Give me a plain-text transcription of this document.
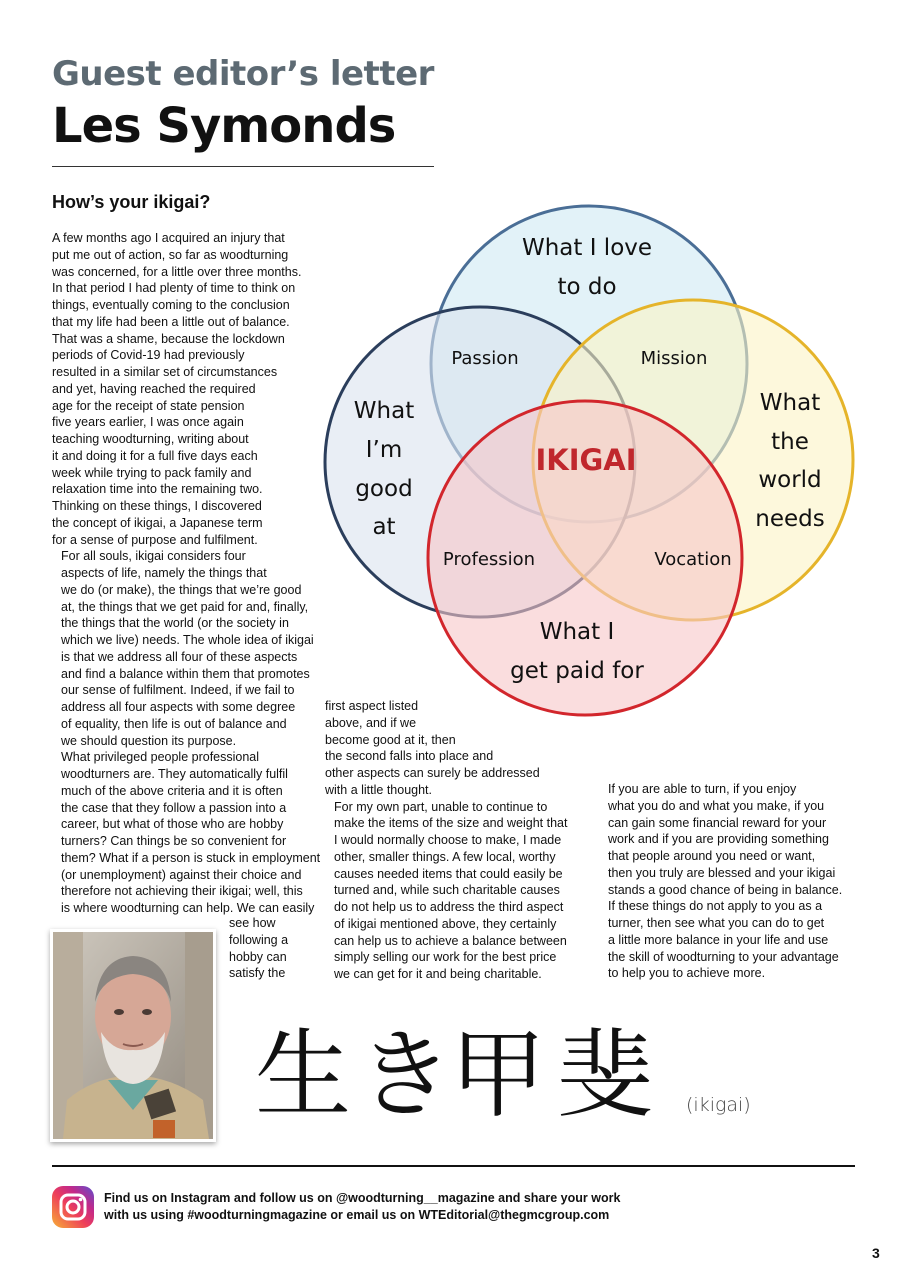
Guest editor’s letter
Les Symonds
How’s your ikigai?

A few months ago I acquired an injury that
put me out of action, so far as woodturning
was concerned, for a little over three months.
In that period I had plenty of time to think on
things, eventually coming to the conclusion
that my life had been a little out of balance.
That was a shame, because the lockdown
periods of Covid-19 had previously
resulted in a similar set of circumstances
and yet, having reached the required
age for the receipt of state pension
five years earlier, I was once again
teaching woodturning, writing about
it and doing it for a full five days each
week while trying to pack family and
relaxation time into the remaining two.
Thinking on these things, I discovered
the concept of ikigai, a Japanese term
for a sense of purpose and fulfilment.

For all souls, ikigai considers four
aspects of life, namely the things that
we do (or make), the things that we’re good
at, the things that we get paid for and, finally,
the things that the world (or the society in
which we live) needs. The whole idea of ikigai
is that we address all four of these aspects
and find a balance within them that promotes
our sense of fulfilment. Indeed, if we fail to
address all four aspects with some degree
of equality, then life is out of balance and
we should question its purpose.

What privileged people professional
woodturners are. They automatically fulfil
much of the above criteria and it is often
the case that they follow a passion into a
career, but what of those who are hobby
turners? Can things be so convenient for
them? What if a person is stuck in employment
(or unemployment) against their choice and
therefore not achieving their ikigai; well, this
is where woodturning can help. We can easily

see how
following a
hobby can
satisfy the

first aspect listed
above, and if we
become good at it, then
the second falls into place and
other aspects can surely be addressed
with a little thought.

For my own part, unable to continue to
make the items of the size and weight that
I would normally choose to make, I made
other, smaller things. A few local, worthy
causes needed items that could easily be
turned and, while such charitable causes
do not help us to address the third aspect
of ikigai mentioned above, they certainly
can help us to achieve a balance between
simply selling our work for the best price
we can get for it and being charitable.

If you are able to turn, if you enjoy
what you do and what you make, if you
can gain some financial reward for your
work and if you are providing something
that people around you need or want,
then you truly are blessed and your ikigai
stands a good chance of being in balance.
If these things do not apply to you as a
turner, then see what you can do to get
a little more balance in your life and use
the skill of woodturning to your advantage
to help you to achieve more.

What I love
to do
What
I’m
good
at
What
the
world
needs
What I
get paid for
Passion	Mission
Profession	Vocation
IKIGAI
生 き
甲 斐 (ikigai)
Find us on Instagram and follow us on @woodturning__magazine and share your work
with us using #woodturningmagazine or email us on WTEditorial@thegmcgroup.com
3
